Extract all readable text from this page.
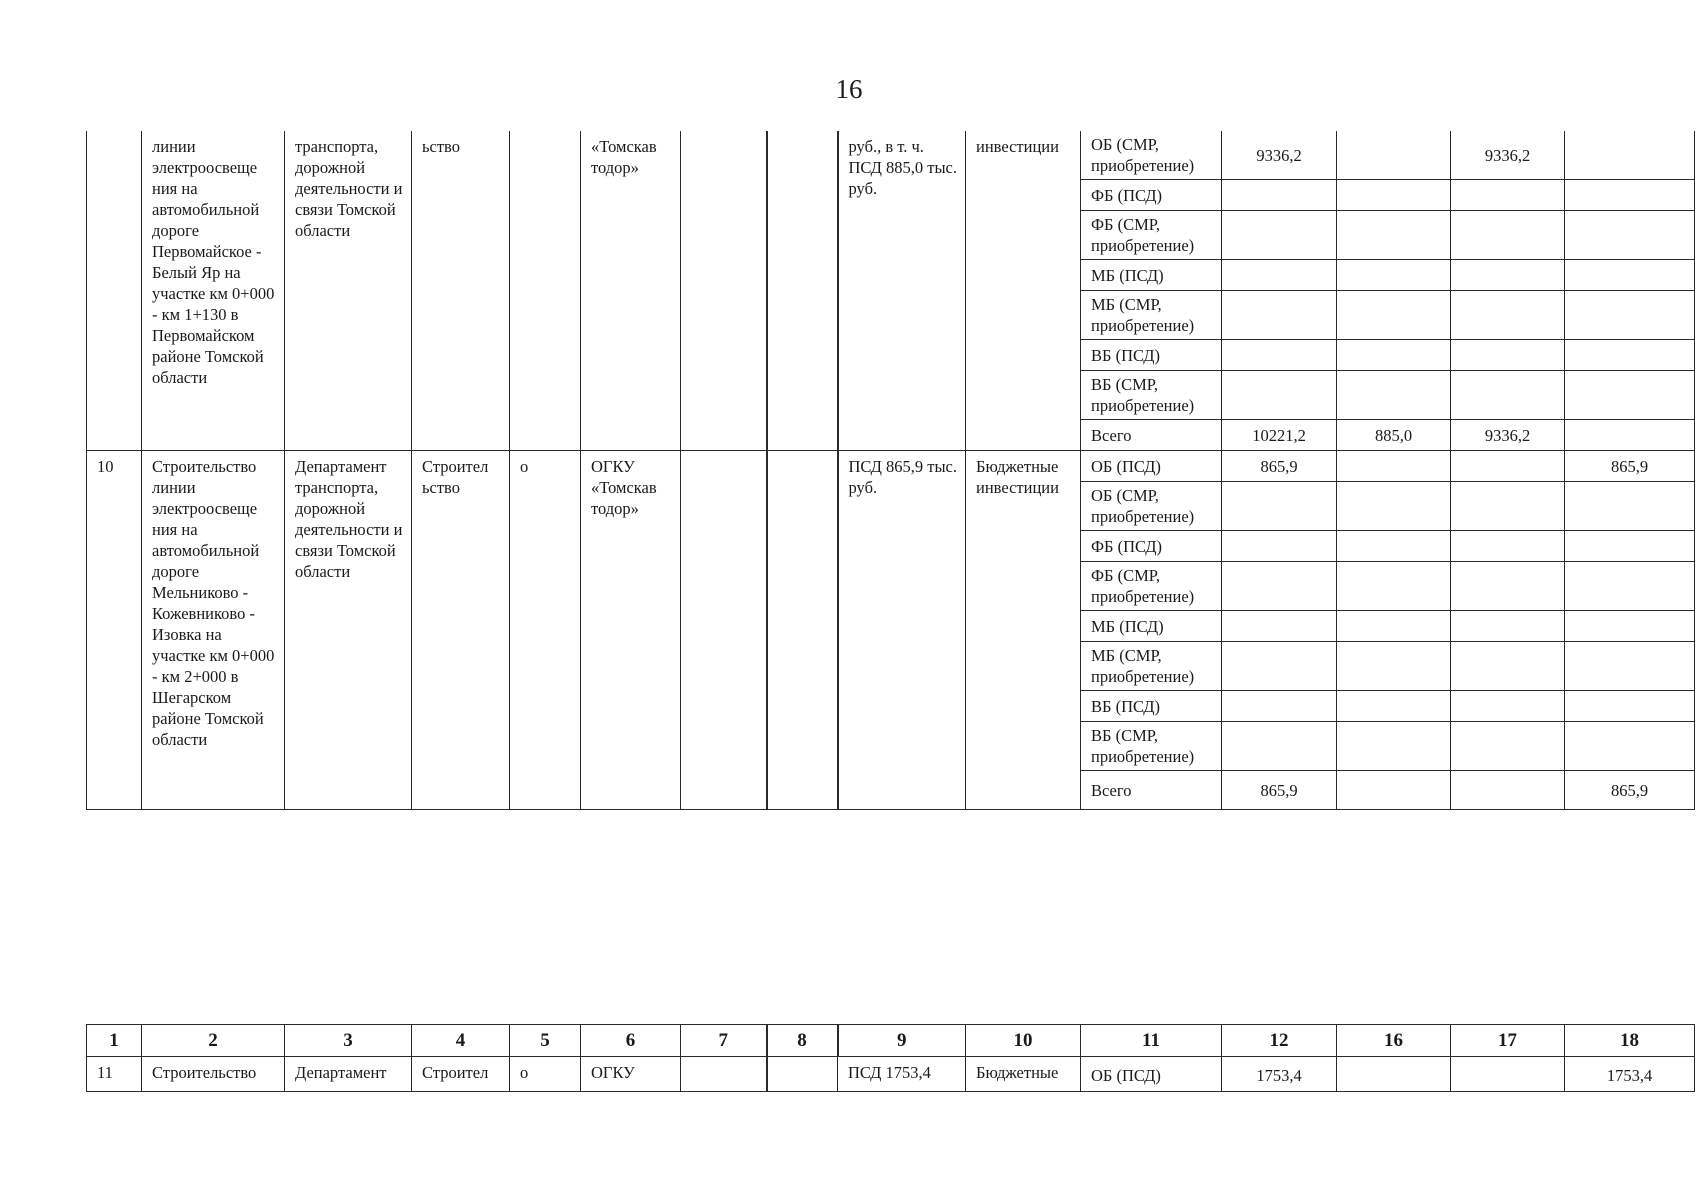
16
	линии электроосвеще ния на автомобильной дороге Первомайское - Белый Яр на участке км 0+000 - км 1+130 в Первомайском районе Томской области	транспорта, дорожной деятельности и связи Томской области	ьство		«Томскав тодор»			руб., в т. ч. ПСД 885,0 тыс. руб.	инвестиции	ОБ (СМР, приобретение)	9336,2		9336,2	
										ФБ (ПСД)				
										ФБ (СМР, приобретение)				
										МБ (ПСД)				
										МБ (СМР, приобретение)				
										ВБ (ПСД)				
										ВБ (СМР, приобретение)				
										Всего	10221,2	885,0	9336,2	
10	Строительство линии электроосвеще ния на автомобильной дороге Мельниково - Кожевниково - Изовка на участке км 0+000 - км 2+000 в Шегарском районе Томской области	Департамент транспорта, дорожной деятельности и связи Томской области	Строител ьство	о	ОГКУ «Томскав тодор»			ПСД 865,9 тыс. руб.	Бюджетные инвестиции	ОБ (ПСД)	865,9			865,9
										ОБ (СМР, приобретение)				
										ФБ (ПСД)				
										ФБ (СМР, приобретение)				
										МБ (ПСД)				
										МБ (СМР, приобретение)				
										ВБ (ПСД)				
										ВБ (СМР, приобретение)				
										Всего	865,9			865,9
1	2	3	4	5	6	7	8	9	10	11	12	16	17	18
11	Строительство	Департамент	Строител	о	ОГКУ			ПСД 1753,4	Бюджетные	ОБ (ПСД)	1753,4			1753,4
